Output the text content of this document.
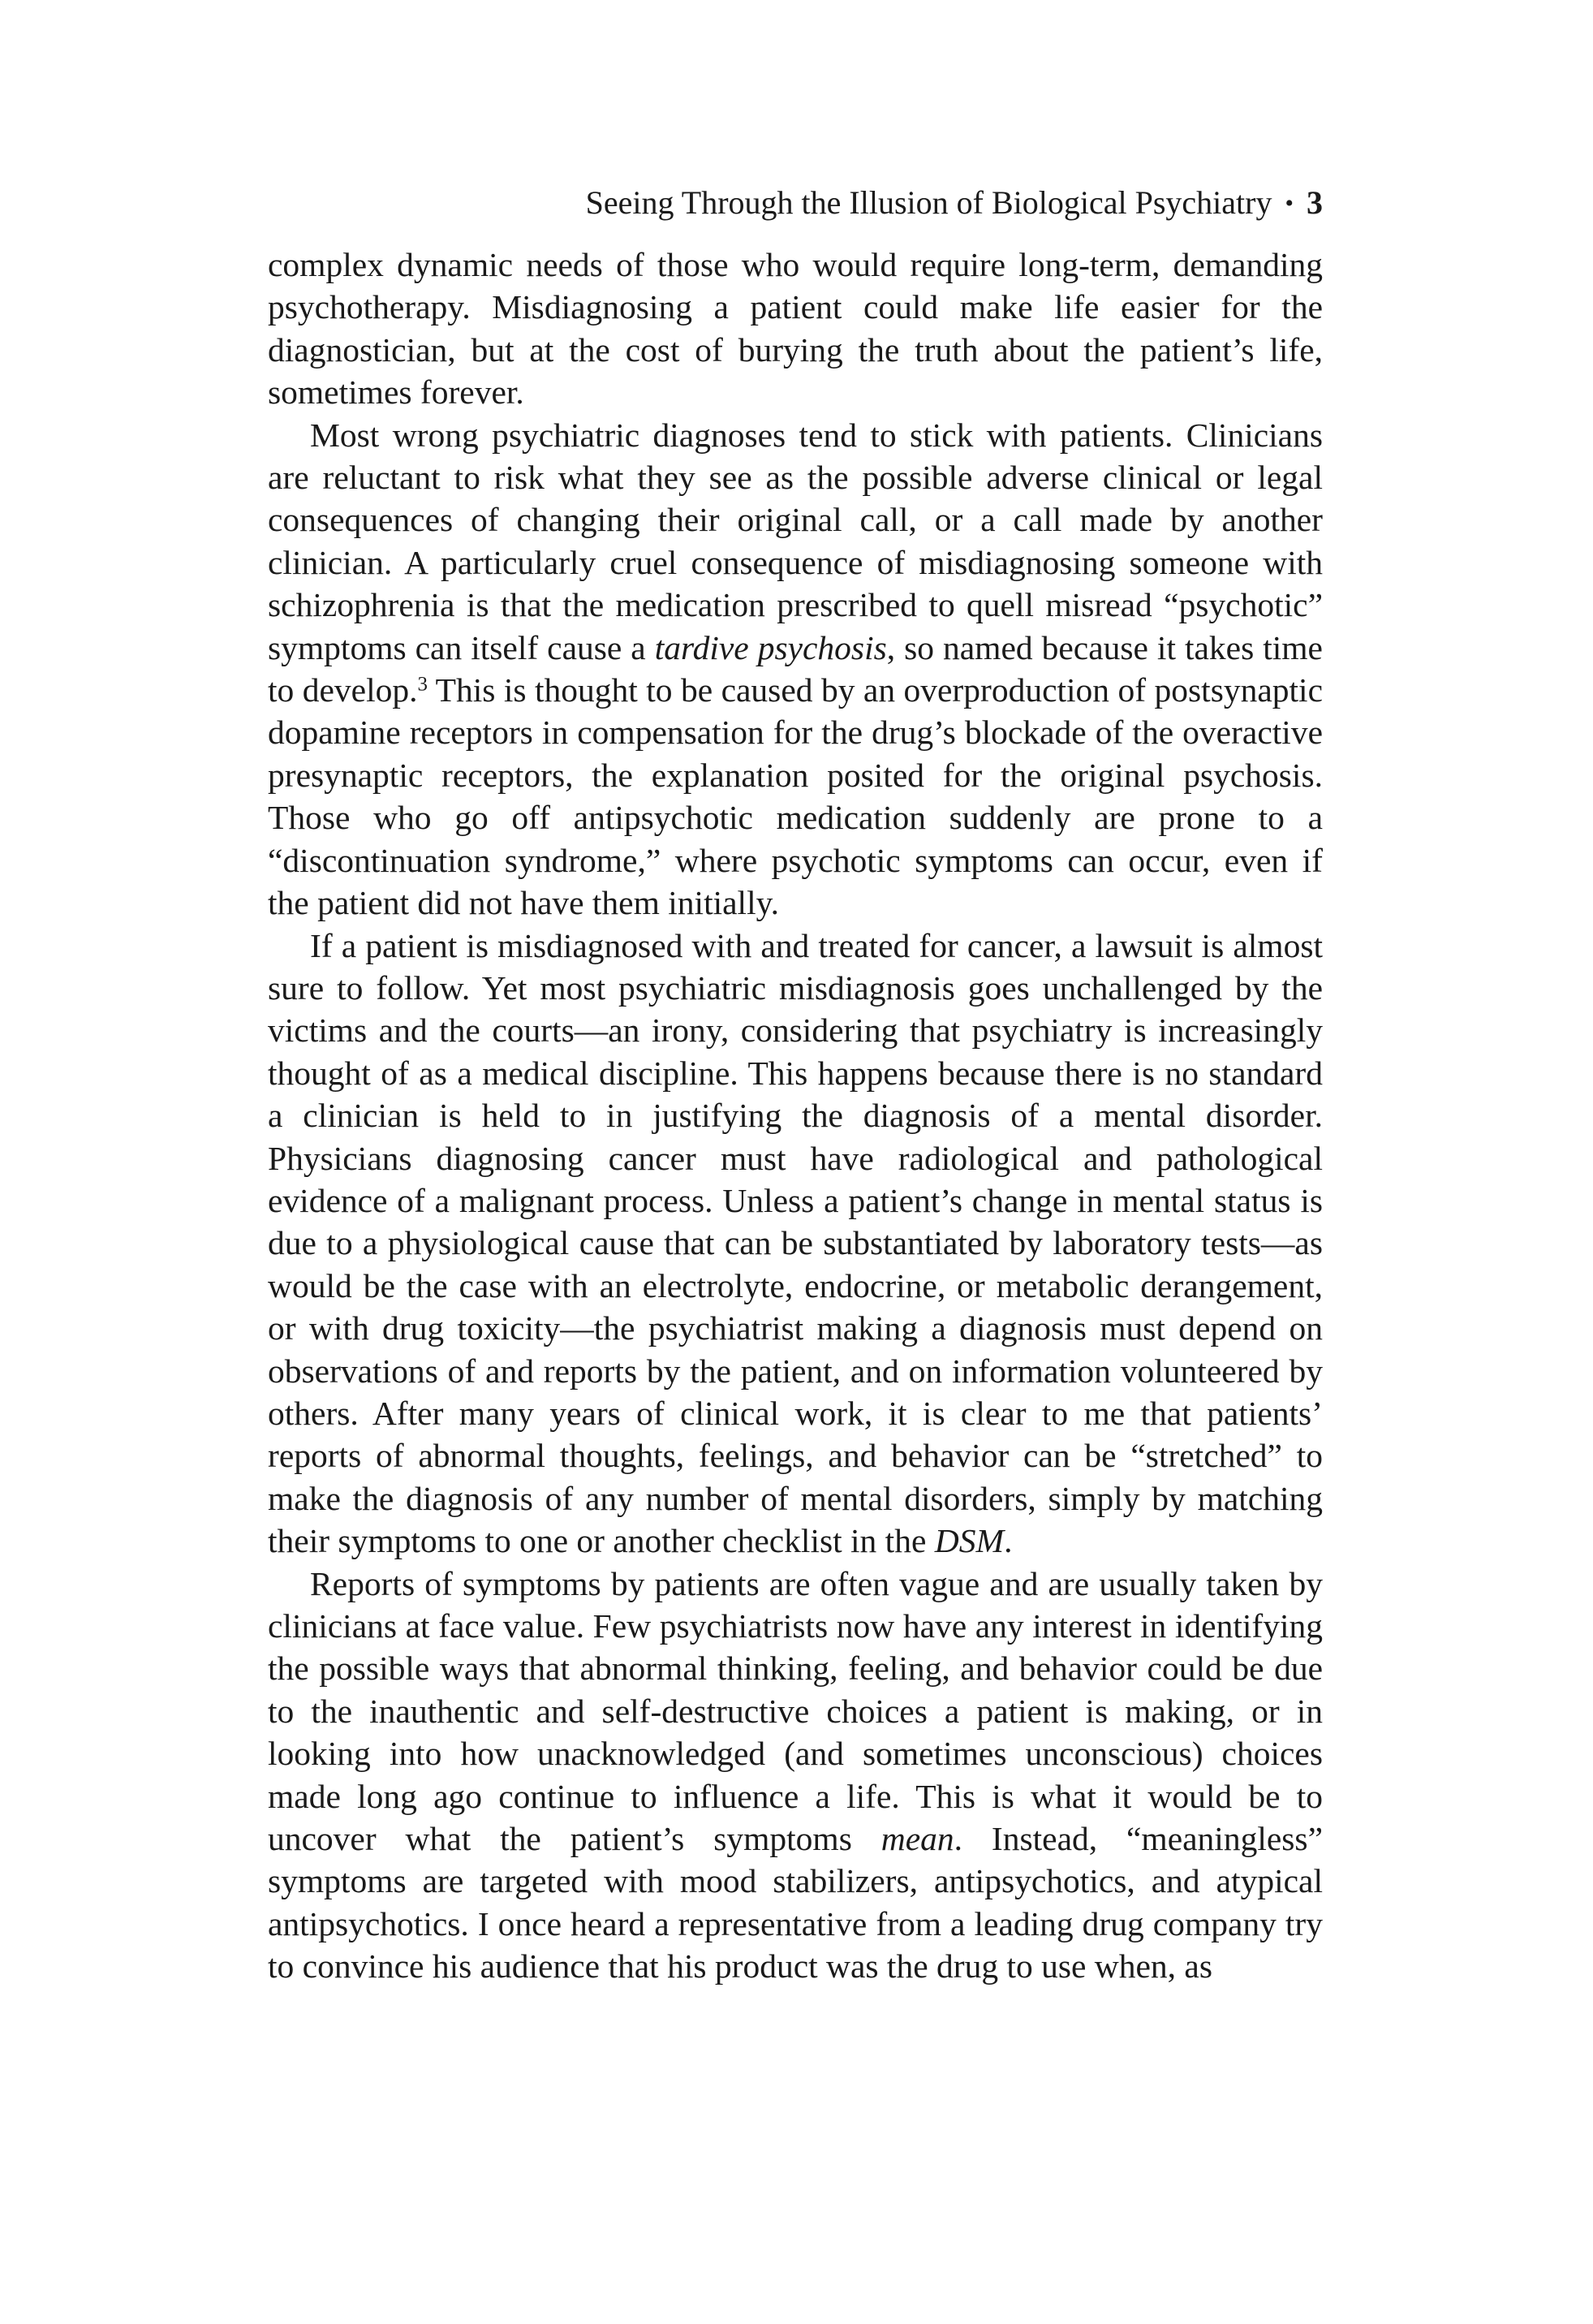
Seeing Through the Illusion of Biological Psychiatry • 3

complex dynamic needs of those who would require long-term, demanding psychotherapy. Misdiagnosing a patient could make life easier for the diagnostician, but at the cost of burying the truth about the patient’s life, sometimes forever.

Most wrong psychiatric diagnoses tend to stick with patients. Clinicians are reluctant to risk what they see as the possible adverse clinical or legal consequences of changing their original call, or a call made by another clinician. A particularly cruel consequence of misdiagnosing someone with schizophrenia is that the medication prescribed to quell misread “psychotic” symptoms can itself cause a tardive psychosis, so named because it takes time to develop.$^3$ This is thought to be caused by an overproduction of postsynaptic dopamine receptors in compensation for the drug’s blockade of the overactive presynaptic receptors, the explanation posited for the original psychosis. Those who go off antipsychotic medication suddenly are prone to a “discontinuation syndrome,” where psychotic symptoms can occur, even if the patient did not have them initially.

If a patient is misdiagnosed with and treated for cancer, a lawsuit is almost sure to follow. Yet most psychiatric misdiagnosis goes unchallenged by the victims and the courts—an irony, considering that psychiatry is increasingly thought of as a medical discipline. This happens because there is no standard a clinician is held to in justifying the diagnosis of a mental disorder. Physicians diagnosing cancer must have radiological and pathological evidence of a malignant process. Unless a patient’s change in mental status is due to a physiological cause that can be substantiated by laboratory tests—as would be the case with an electrolyte, endocrine, or metabolic derangement, or with drug toxicity—the psychiatrist making a diagnosis must depend on observations of and reports by the patient, and on information volunteered by others. After many years of clinical work, it is clear to me that patients’ reports of abnormal thoughts, feelings, and behavior can be “stretched” to make the diagnosis of any number of mental disorders, simply by matching their symptoms to one or another checklist in the DSM.

Reports of symptoms by patients are often vague and are usually taken by clinicians at face value. Few psychiatrists now have any interest in identifying the possible ways that abnormal thinking, feeling, and behavior could be due to the inauthentic and self-destructive choices a patient is making, or in looking into how unacknowledged (and sometimes unconscious) choices made long ago continue to influence a life. This is what it would be to uncover what the patient’s symptoms mean. Instead, “meaningless” symptoms are targeted with mood stabilizers, antipsychotics, and atypical antipsychotics. I once heard a representative from a leading drug company try to convince his audience that his product was the drug to use when, as
